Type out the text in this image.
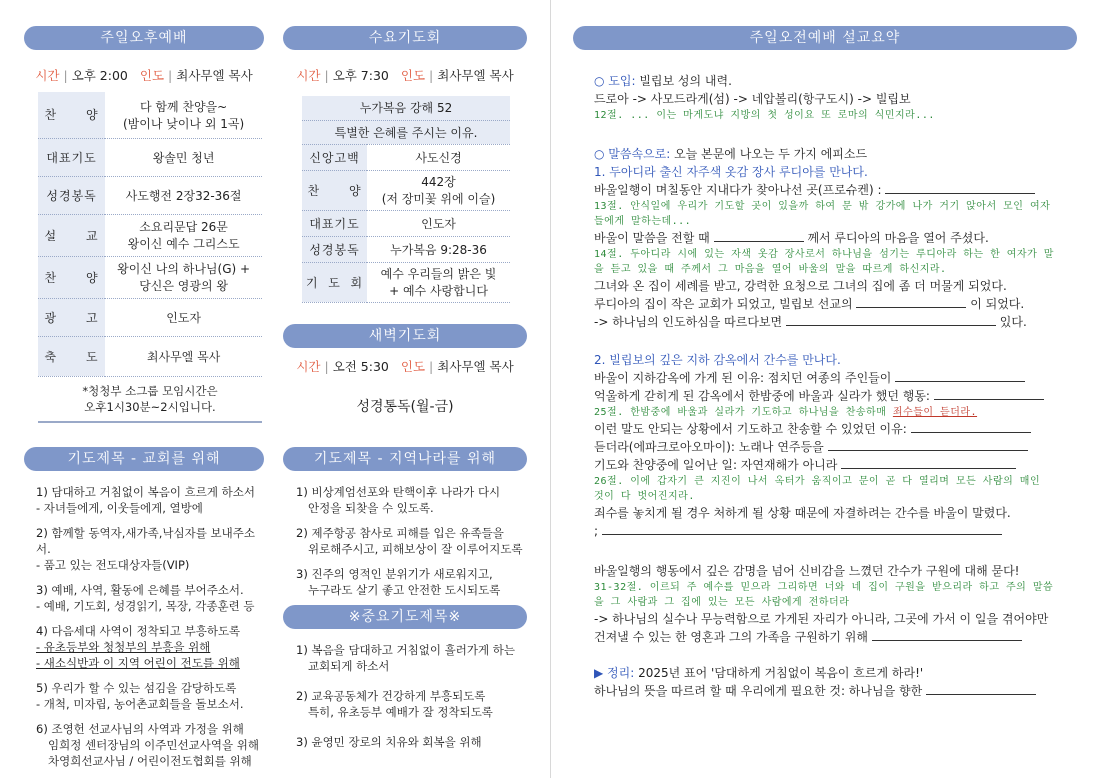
주일오후예배
시간 | 오후 2:00 인도 | 최사무엘 목사
찬      양	다 함께 찬양을~
(밤이나 낮이나 외 1곡)
대표기도	왕솔민 청년
성경봉독	사도행전 2장32-36절
설      교	소요리문답 26문
왕이신 예수 그리스도
찬      양	왕이신 나의 하나님(G) +
당신은 영광의 왕
광      고	인도자
축      도	최사무엘 목사
*청청부 소그룹 모임시간은
오후1시30분~2시입니다.	
수요기도회
시간 | 오후 7:30 인도 | 최사무엘 목사
누가복음 강해 52	
특별한 은혜를 주시는 이유.	
신앙고백	사도신경
찬      양	442장
(저 장미꽃 위에 이슬)
대표기도	인도자
성경봉독	누가복음 9:28-36
기  도  회	예수 우리들의 밝은 빛
+ 예수 사랑합니다
새벽기도회
시간 | 오전 5:30 인도 | 최사무엘 목사
성경통독(월-금)
기도제목 - 교회를 위해
1) 담대하고 거침없이 복음이 흐르게 하소서
- 자녀들에게, 이웃들에게, 열방에
2) 함께할 동역자,새가족,낙심자를 보내주소서.
- 품고 있는 전도대상자들(VIP)
3) 예배, 사역, 활동에 은혜를 부어주소서.
- 예배, 기도회, 성경읽기, 목장, 각종훈련 등
4) 다음세대 사역이 정착되고 부흥하도록
- 유초등부와 청청부의 부흥을 위해
- 새소식반과 이 지역 어린이 전도를 위해
5) 우리가 할 수 있는 섬김을 감당하도록
- 개척, 미자립, 농어촌교회들을 돌보소서.
6) 조영헌 선교사님의 사역과 가정을 위해
임희정 센터장님의 이주민선교사역을 위해
차영희선교사님 / 어린이전도협회를 위해
기도제목 - 지역나라를 위해
1) 비상계엄선포와 탄핵이후 나라가 다시
안정을 되찾을 수 있도록.
2) 제주항공 참사로 피해를 입은 유족들을
위로해주시고, 피해보상이 잘 이루어지도록
3) 진주의 영적인 분위기가 새로워지고,
누구라도 살기 좋고 안전한 도시되도록
※중요기도제목※
1) 복음을 담대하고 거침없이 흘러가게 하는
교회되게 하소서
2) 교육공동체가 건강하게 부흥되도록
특히, 유초등부 예배가 잘 정착되도록
3) 윤영민 장로의 치유와 회복을 위해
주일오전예배 설교요약
○ 도입: 빌립보 성의 내력.
드로아 -> 사모드라게(섬) -> 네압볼리(항구도시) -> 빌립보
12절. ... 이는 마게도냐 지방의 첫 성이요 또 로마의 식민지라...
○ 말씀속으로: 오늘 본문에 나오는 두 가지 에피소드
1. 두아디라 출신 자주색 옷감 장사 루디아를 만나다.
바울일행이 며칠동안 지내다가 찾아나선 곳(프로슈켄) :
13절. 안식일에 우리가 기도할 곳이 있을까 하여 문 밖 강가에 나가 거기 앉아서 모인 여자들에게 말하는데...
바울이 말씀을 전할 때	께서 루디아의 마음을 열어 주셨다.
14절. 두아디라 시에 있는 자색 옷감 장사로서 하나님을 섬기는 루디아라 하는 한 여자가 말을 듣고 있을 때 주께서 그 마음을 열어 바울의 말을 따르게 하신지라.
그녀와 온 집이 세례를 받고, 강력한 요청으로 그녀의 집에 좀 더 머물게 되었다.
루디아의 집이 작은 교회가 되었고, 빌립보 선교의	이 되었다.
-> 하나님의 인도하심을 따르다보면	있다.
2. 빌립보의 깊은 지하 감옥에서 간수를 만나다.
바울이 지하감옥에 가게 된 이유: 점치던 여종의 주인들이
억울하게 갇히게 된 감옥에서 한밤중에 바울과 실라가 했던 행동:
25절. 한밤중에 바울과 실라가 기도하고 하나님을 찬송하매 죄수들이 듣더라.
이런 말도 안되는 상황에서 기도하고 찬송할 수 있었던 이유:
듣더라(에파크로아오마이): 노래나 연주등을
기도와 찬양중에 일어난 일: 자연재해가 아니라
26절. 이에 갑자기 큰 지진이 나서 옥터가 움직이고 문이 곧 다 열리며 모든 사람의 매인 것이 다 벗어진지라.
죄수를 놓치게 될 경우 처하게 될 상황 때문에 자결하려는 간수를 바울이 말렸다.
;
바울일행의 행동에서 깊은 감명을 넘어 신비감을 느꼈던 간수가 구원에 대해 묻다!
31-32절. 이르되 주 예수를 믿으라 그리하면 너와 네 집이 구원을 받으리라 하고 주의 말씀을 그 사람과 그 집에 있는 모든 사람에게 전하더라
-> 하나님의 실수나 무능력함으로 가게된 자리가 아니라, 그곳에 가서 이 일을 겪어야만
건져낼 수 있는 한 영혼과 그의 가족을 구원하기 위해
▶ 정리: 2025년 표어 '담대하게 거침없이 복음이 흐르게 하라!'
하나님의 뜻을 따르려 할 때 우리에게 필요한 것: 하나님을 향한
